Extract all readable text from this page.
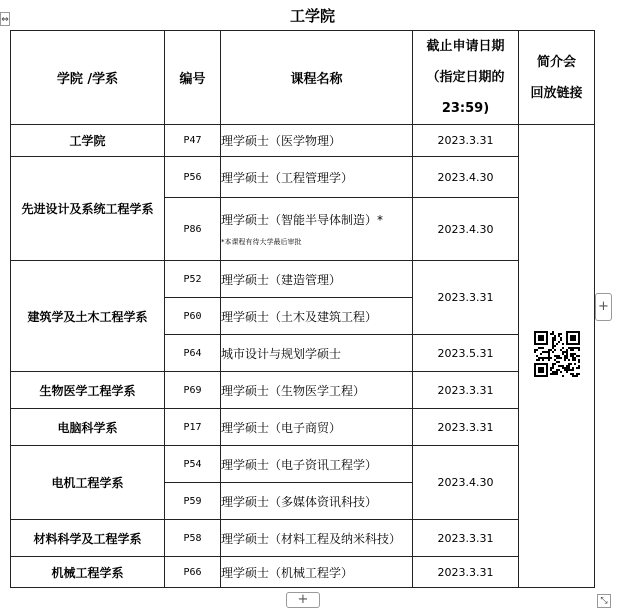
工学院
⇔
学院 /学系	编号	课程名称	截止申请日期
（指定日期的
23:59)	简介会
回放链接

工学院	P47	理学硕士（医学物理）	2023.3.31	
先进设计及系统工程学系	P56	理学硕士（工程管理学）	2023.4.30	
	P86	理学硕士（智能半导体制造）*
*本课程有待大学最后审批	2023.4.30	
建筑学及土木工程学系	P52	理学硕士（建造管理）	2023.3.31	
	P60	理学硕士（土木及建筑工程）		
	P64	城市设计与规划学硕士	2023.5.31	
生物医学工程学系	P69	理学硕士（生物医学工程）	2023.3.31	
电脑科学系	P17	理学硕士（电子商贸）	2023.3.31	
电机工程学系	P54	理学硕士（电子资讯工程学）	2023.4.30	
	P59	理学硕士（多媒体资讯科技）		
材料科学及工程学系	P58	理学硕士（材料工程及纳米科技）	2023.3.31	
机械工程学系	P66	理学硕士（机械工程学）	2023.3.31	
+
+	⤡
